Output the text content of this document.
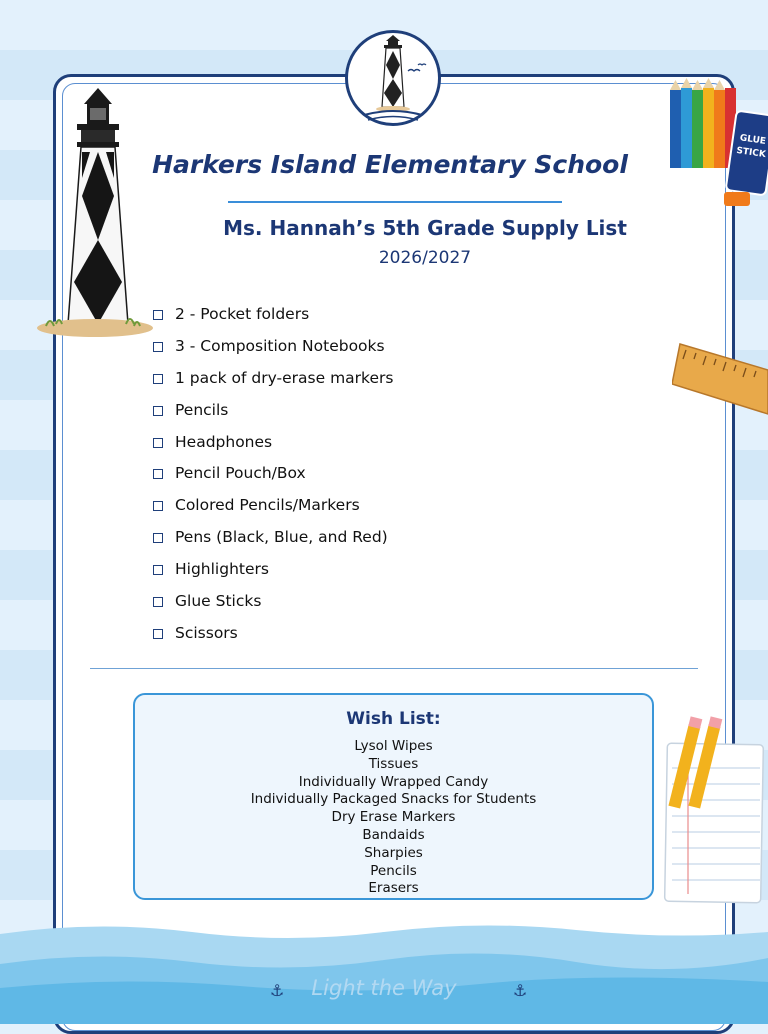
GLUE
STICK
Harkers Island Elementary School
Ms. Hannah’s 5th Grade Supply List
2026/2027
2 - Pocket folders
3 - Composition Notebooks
1 pack of dry-erase markers
Pencils
Headphones
Pencil Pouch/Box
Colored Pencils/Markers
Pens (Black, Blue, and Red)
Highlighters
Glue Sticks
Scissors
Wish List:
Lysol Wipes
Tissues
Individually Wrapped Candy
Individually Packaged Snacks for Students
Dry Erase Markers
Bandaids
Sharpies
Pencils
Erasers
Light the Way
⚓	⚓
